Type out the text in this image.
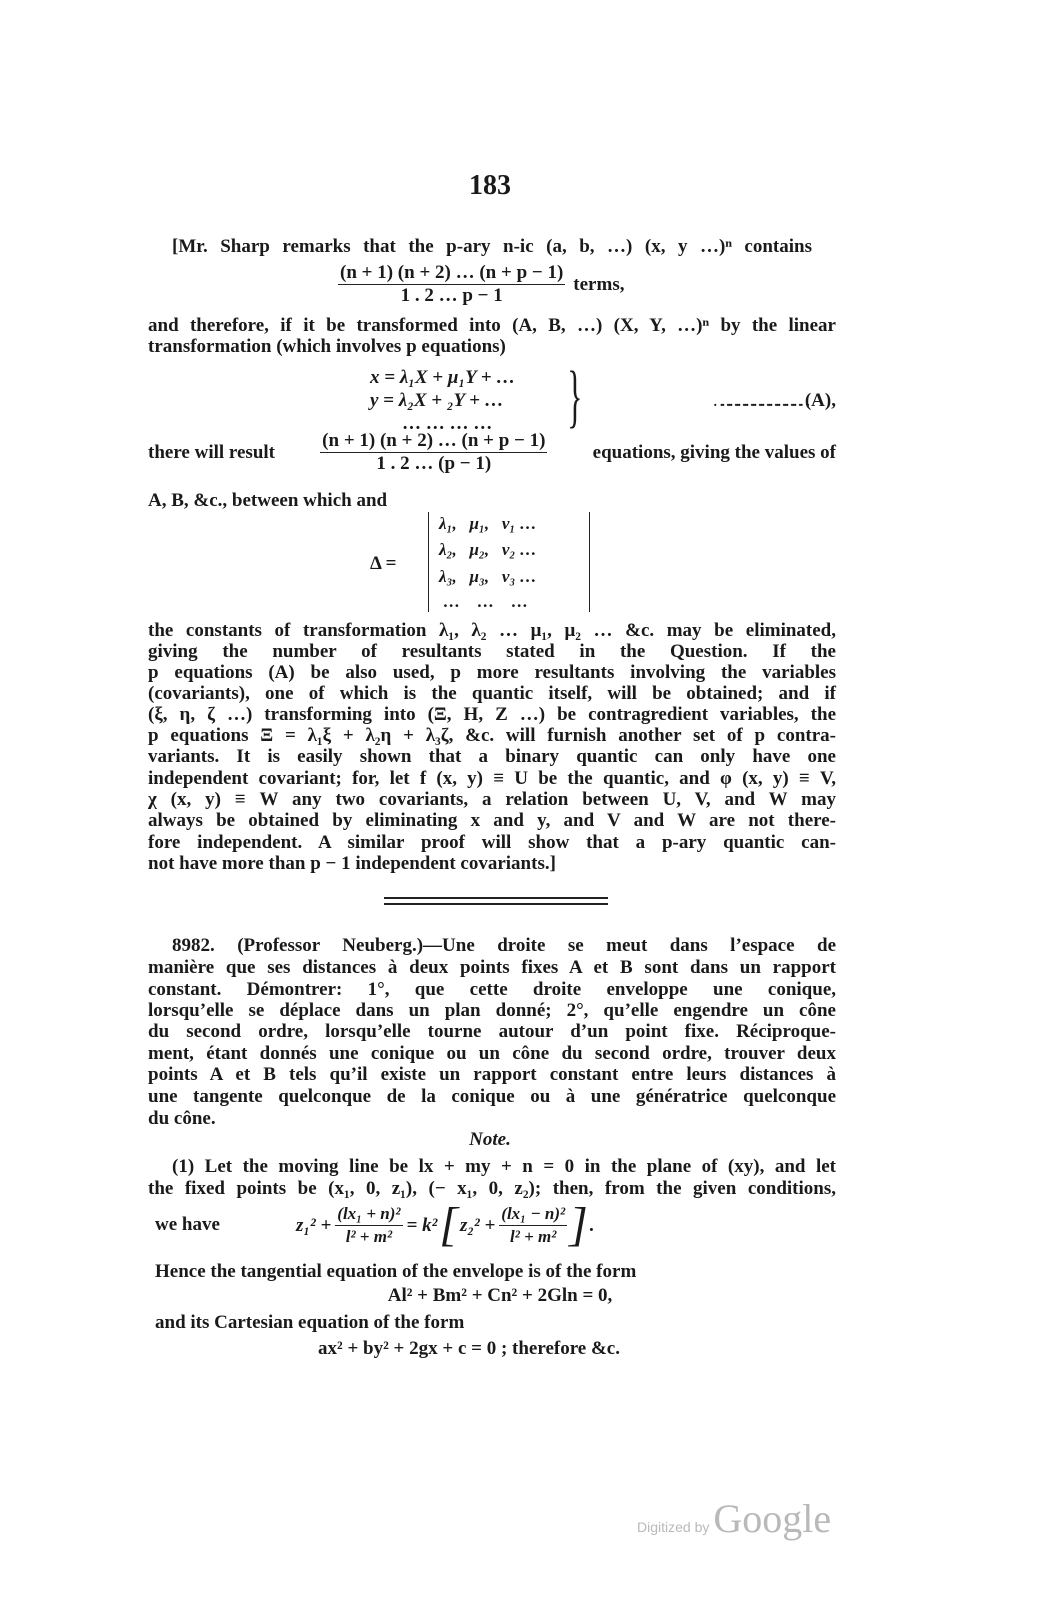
183
[Mr. Sharp remarks that the p-ary n-ic (a, b, …) (x, y …)ⁿ contains
$\frac{(n + 1) (n + 2) \dots (n + p - 1)}{1 . 2 \dots p - 1}$ terms,
and therefore, if it be transformed into (A, B, …) (X, Y, …)ⁿ by the linear
transformation (which involves p equations)
x = λ₁X + μ₁Y + …
y = λ₂X + ₂Y + …
… … … … }	…………………………… (A),
there will result $\frac{(n + 1) (n + 2) \dots (n + p - 1)}{1 . 2 \dots (p - 1)}$ equations, giving the values of
A, B, &c., between which and
Δ =
λ₁,   μ₁,   ν₁ …
λ₂,   μ₂,   ν₂ …
λ₃,   μ₃,   ν₃ …
…    …    …
the constants of transformation λ₁, λ₂ … μ₁, μ₂ … &c. may be eliminated,
giving the number of resultants stated in the Question. If the
p equations (A) be also used, p more resultants involving the variables
(covariants), one of which is the quantic itself, will be obtained; and if
(ξ, η, ζ …) transforming into (Ξ, H, Z …) be contragredient variables, the
p equations Ξ = λ₁ξ + λ₂η + λ₃ζ, &c. will furnish another set of p contra-
variants. It is easily shown that a binary quantic can only have one
independent covariant; for, let f (x, y) ≡ U be the quantic, and φ (x, y) ≡ V,
χ (x, y) ≡ W any two covariants, a relation between U, V, and W may
always be obtained by eliminating x and y, and V and W are not there-
fore independent. A similar proof will show that a p-ary quantic can-
not have more than p − 1 independent covariants.]
8982. (Professor Neuberg.)—Une droite se meut dans l’espace de
manière que ses distances à deux points fixes A et B sont dans un rapport
constant. Démontrer: 1°, que cette droite enveloppe une conique,
lorsqu’elle se déplace dans un plan donné; 2°, qu’elle engendre un cône
du second ordre, lorsqu’elle tourne autour d’un point fixe. Réciproque-
ment, étant donnés une conique ou un cône du second ordre, trouver deux
points A et B tels qu’il existe un rapport constant entre leurs distances à
une tangente quelconque de la conique ou à une génératrice quelconque
du cône.
Note.
(1) Let the moving line be lx + my + n = 0 in the plane of (xy), and let
the fixed points be (x₁, 0, z₁), (− x₁, 0, z₂); then, from the given conditions,
we have	$z_1^2 + \frac{\text{(lx₁ + n)²}}{\text{l² + m²}} = k^2$ [ $z_2^2 + \frac{\text{(lx₁ − n)²}}{\text{l² + m²}}$ ] .
Hence the tangential equation of the envelope is of the form
Al² + Bm² + Cn² + 2Gln = 0,
and its Cartesian equation of the form
ax² + by² + 2gx + c = 0 ; therefore &c.
Digitized by Google
